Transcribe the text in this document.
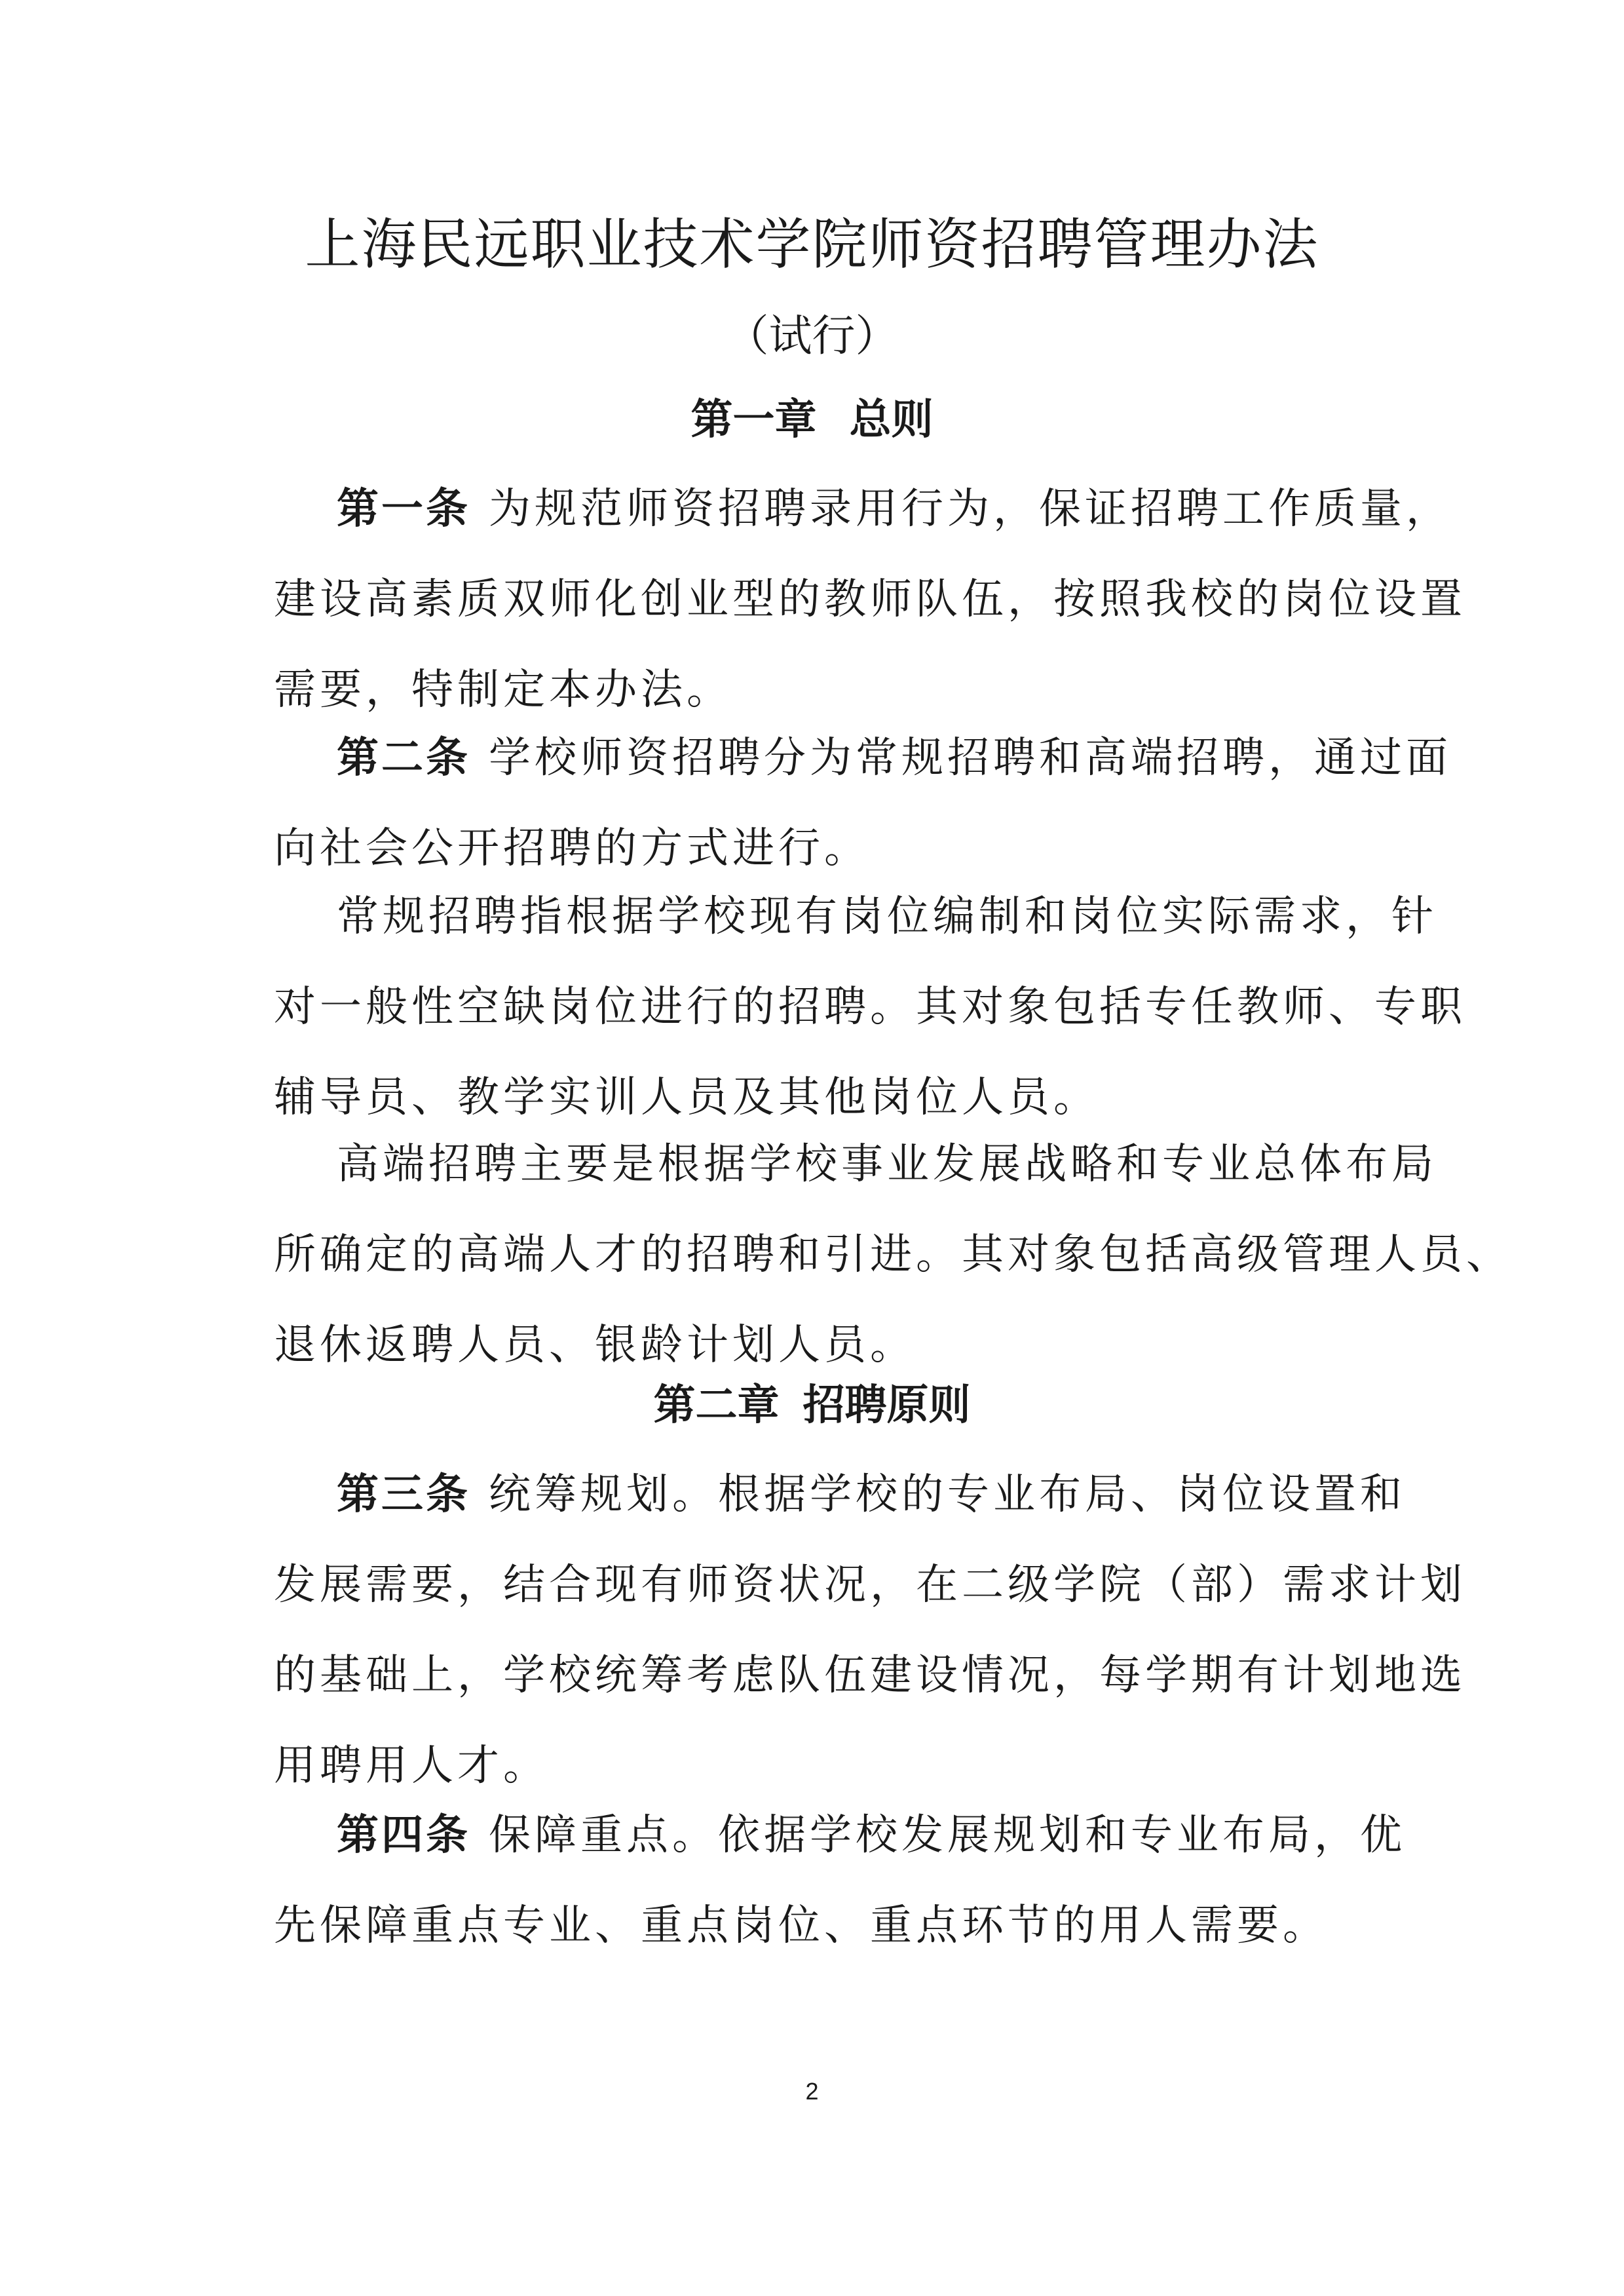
上海民远职业技术学院师资招聘管理办法

（试行）

第一章 总则

第一条 为规范师资招聘录用行为，保证招聘工作质量，
建设高素质双师化创业型的教师队伍，按照我校的岗位设置
需要，特制定本办法。

第二条 学校师资招聘分为常规招聘和高端招聘，通过面
向社会公开招聘的方式进行。

常规招聘指根据学校现有岗位编制和岗位实际需求，针
对一般性空缺岗位进行的招聘。其对象包括专任教师、专职
辅导员、教学实训人员及其他岗位人员。

高端招聘主要是根据学校事业发展战略和专业总体布局
所确定的高端人才的招聘和引进。其对象包括高级管理人员、
退休返聘人员、银龄计划人员。

第二章 招聘原则

第三条 统筹规划。根据学校的专业布局、岗位设置和
发展需要，结合现有师资状况，在二级学院（部）需求计划
的基础上，学校统筹考虑队伍建设情况，每学期有计划地选
用聘用人才。

第四条 保障重点。依据学校发展规划和专业布局，优
先保障重点专业、重点岗位、重点环节的用人需要。

2
